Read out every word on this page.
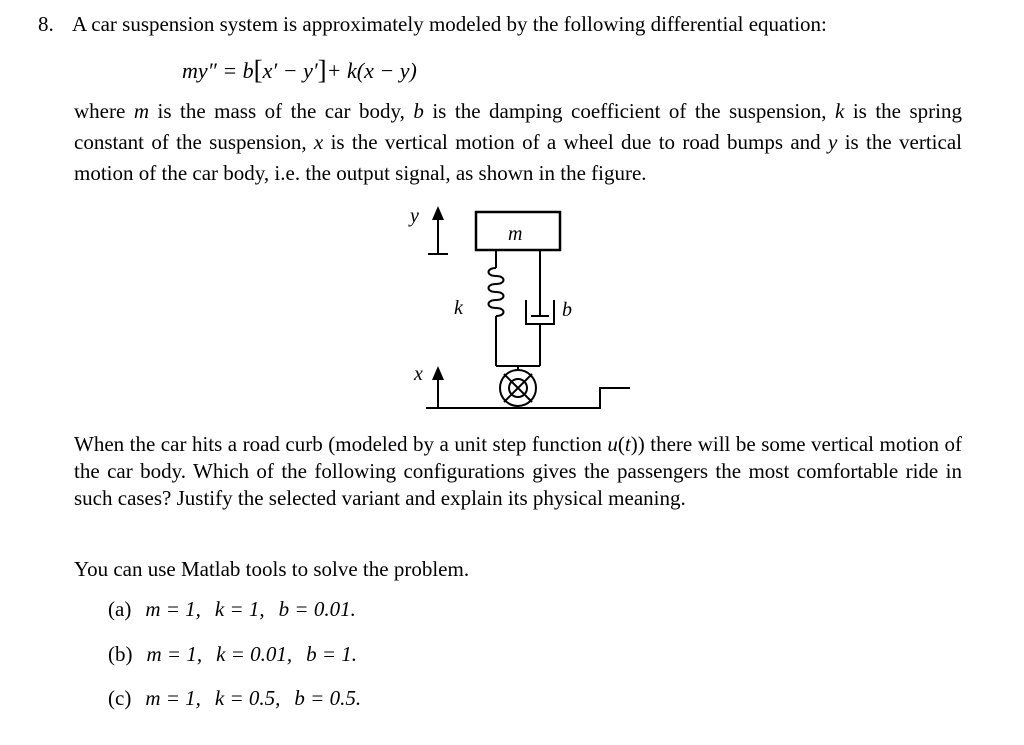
8. A car suspension system is approximately modeled by the following differential equation:
my″ = b[x′ − y′]+ k(x − y)
where m is the mass of the car body, b is the damping coefficient of the suspension, k is the spring constant of the suspension, x is the vertical motion of a wheel due to road bumps and y is the vertical motion of the car body, i.e. the output signal, as shown in the figure.
y
m
k	b
x
When the car hits a road curb (modeled by a unit step function u(t)) there will be some vertical motion of the car body. Which of the following configurations gives the passengers the most comfortable ride in such cases? Justify the selected variant and explain its physical meaning.
You can use Matlab tools to solve the problem.
(a) m = 1, k = 1, b = 0.01.
(b) m = 1, k = 0.01, b = 1.
(c) m = 1, k = 0.5, b = 0.5.
